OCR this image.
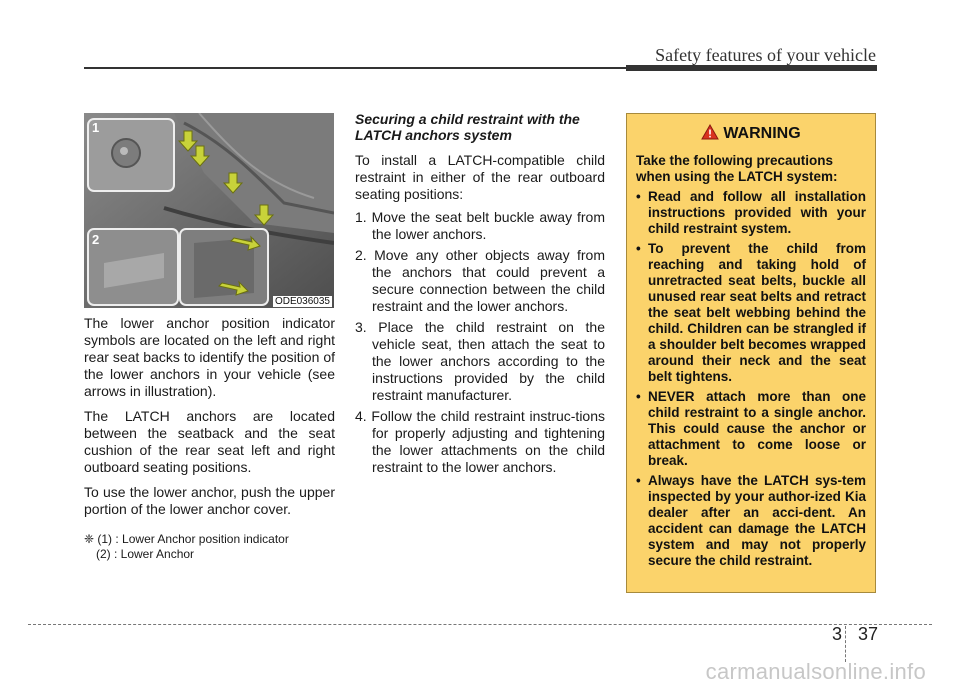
Safety features of your vehicle
1
2
ODE036035

The lower anchor position indicator symbols are located on the left and right rear seat backs to identify the position of the lower anchors in your vehicle (see arrows in illustration).

The LATCH anchors are located between the seatback and the seat cushion of the rear seat left and right outboard seating positions.

To use the lower anchor, push the upper portion of the lower anchor cover.

❈ (1) : Lower Anchor position indicator
(2) : Lower Anchor
Securing a child restraint with the LATCH anchors system

To install a LATCH-compatible child restraint in either of the rear outboard seating positions:

1. Move the seat belt buckle away from the lower anchors.
2. Move any other objects away from the anchors that could prevent a secure connection between the child restraint and the lower anchors.
3. Place the child restraint on the vehicle seat, then attach the seat to the lower anchors according to the instructions provided by the child restraint manufacturer.
4. Follow the child restraint instruc-tions for properly adjusting and tightening the lower attachments on the child restraint to the lower anchors.
WARNING
Take the following precautions when using the LATCH system:
• Read and follow all installation instructions provided with your child restraint system.
• To prevent the child from reaching and taking hold of unretracted seat belts, buckle all unused rear seat belts and retract the seat belt webbing behind the child. Children can be strangled if a shoulder belt becomes wrapped around their neck and the seat belt tightens.
• NEVER attach more than one child restraint to a single anchor. This could cause the anchor or attachment to come loose or break.
• Always have the LATCH sys-tem inspected by your author-ized Kia dealer after an acci-dent. An accident can damage the LATCH system and may not properly secure the child restraint.
3 37
carmanualsonline.info
